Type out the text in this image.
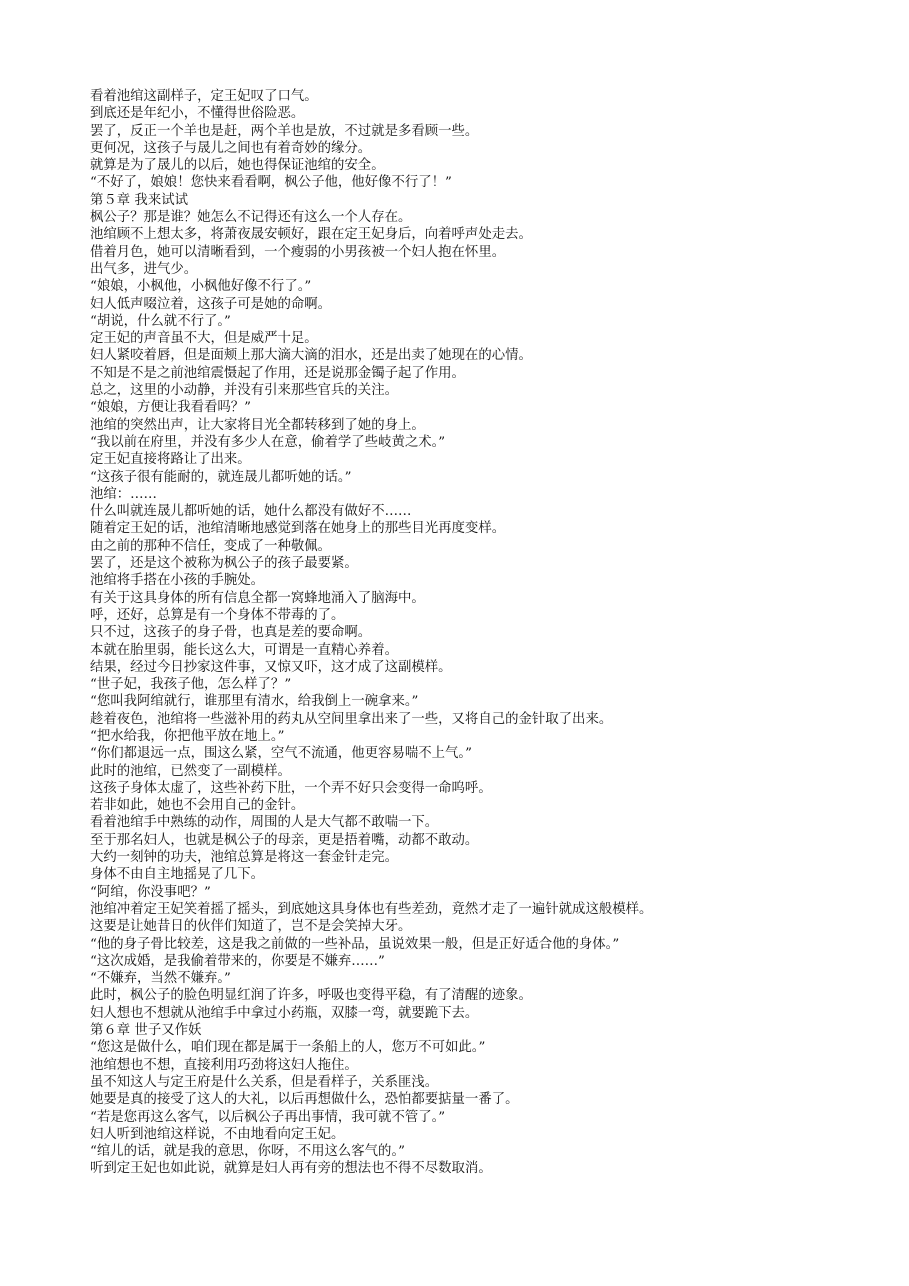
看着池绾这副样子，定王妃叹了口气。

到底还是年纪小，不懂得世俗险恶。

罢了，反正一个羊也是赶，两个羊也是放，不过就是多看顾一些。

更何况，这孩子与晟儿之间也有着奇妙的缘分。

就算是为了晟儿的以后，她也得保证池绾的安全。

“不好了，娘娘！您快来看看啊，枫公子他，他好像不行了！”

第５章 我来试试

枫公子？那是谁？她怎么不记得还有这么一个人存在。

池绾顾不上想太多，将萧夜晟安顿好，跟在定王妃身后，向着呼声处走去。

借着月色，她可以清晰看到，一个瘦弱的小男孩被一个妇人抱在怀里。

出气多，进气少。

“娘娘，小枫他，小枫他好像不行了。”

妇人低声啜泣着，这孩子可是她的命啊。

“胡说，什么就不行了。”

定王妃的声音虽不大，但是威严十足。

妇人紧咬着唇，但是面颊上那大滴大滴的泪水，还是出卖了她现在的心情。

不知是不是之前池绾震慑起了作用，还是说那金镯子起了作用。

总之，这里的小动静，并没有引来那些官兵的关注。

“娘娘，方便让我看看吗？”

池绾的突然出声，让大家将目光全都转移到了她的身上。

“我以前在府里，并没有多少人在意，偷着学了些岐黄之术。”

定王妃直接将路让了出来。

“这孩子很有能耐的，就连晟儿都听她的话。”

池绾：……

什么叫就连晟儿都听她的话，她什么都没有做好不……

随着定王妃的话，池绾清晰地感觉到落在她身上的那些目光再度变样。

由之前的那种不信任，变成了一种敬佩。

罢了，还是这个被称为枫公子的孩子最要紧。

池绾将手搭在小孩的手腕处。

有关于这具身体的所有信息全都一窝蜂地涌入了脑海中。

呼，还好，总算是有一个身体不带毒的了。

只不过，这孩子的身子骨，也真是差的要命啊。

本就在胎里弱，能长这么大，可谓是一直精心养着。

结果，经过今日抄家这件事，又惊又吓，这才成了这副模样。

“世子妃，我孩子他，怎么样了？”

“您叫我阿绾就行，谁那里有清水，给我倒上一碗拿来。”

趁着夜色，池绾将一些滋补用的药丸从空间里拿出来了一些，又将自己的金针取了出来。

“把水给我，你把他平放在地上。”

“你们都退远一点，围这么紧，空气不流通，他更容易喘不上气。”

此时的池绾，已然变了一副模样。

这孩子身体太虚了，这些补药下肚，一个弄不好只会变得一命呜呼。

若非如此，她也不会用自己的金针。

看着池绾手中熟练的动作，周围的人是大气都不敢喘一下。

至于那名妇人，也就是枫公子的母亲，更是捂着嘴，动都不敢动。

大约一刻钟的功夫，池绾总算是将这一套金针走完。

身体不由自主地摇晃了几下。

“阿绾，你没事吧？”

池绾冲着定王妃笑着摇了摇头，到底她这具身体也有些差劲，竟然才走了一遍针就成这般模样。

这要是让她昔日的伙伴们知道了，岂不是会笑掉大牙。

“他的身子骨比较差，这是我之前做的一些补品，虽说效果一般，但是正好适合他的身体。”

“这次成婚，是我偷着带来的，你要是不嫌弃……”

“不嫌弃，当然不嫌弃。”

此时，枫公子的脸色明显红润了许多，呼吸也变得平稳，有了清醒的迹象。

妇人想也不想就从池绾手中拿过小药瓶，双膝一弯，就要跪下去。

第６章 世子又作妖

“您这是做什么，咱们现在都是属于一条船上的人，您万不可如此。”

池绾想也不想，直接利用巧劲将这妇人拖住。

虽不知这人与定王府是什么关系，但是看样子，关系匪浅。

她要是真的接受了这人的大礼，以后再想做什么，恐怕都要掂量一番了。

“若是您再这么客气，以后枫公子再出事情，我可就不管了。”

妇人听到池绾这样说，不由地看向定王妃。

“绾儿的话，就是我的意思，你呀，不用这么客气的。”

听到定王妃也如此说，就算是妇人再有旁的想法也不得不尽数取消。
